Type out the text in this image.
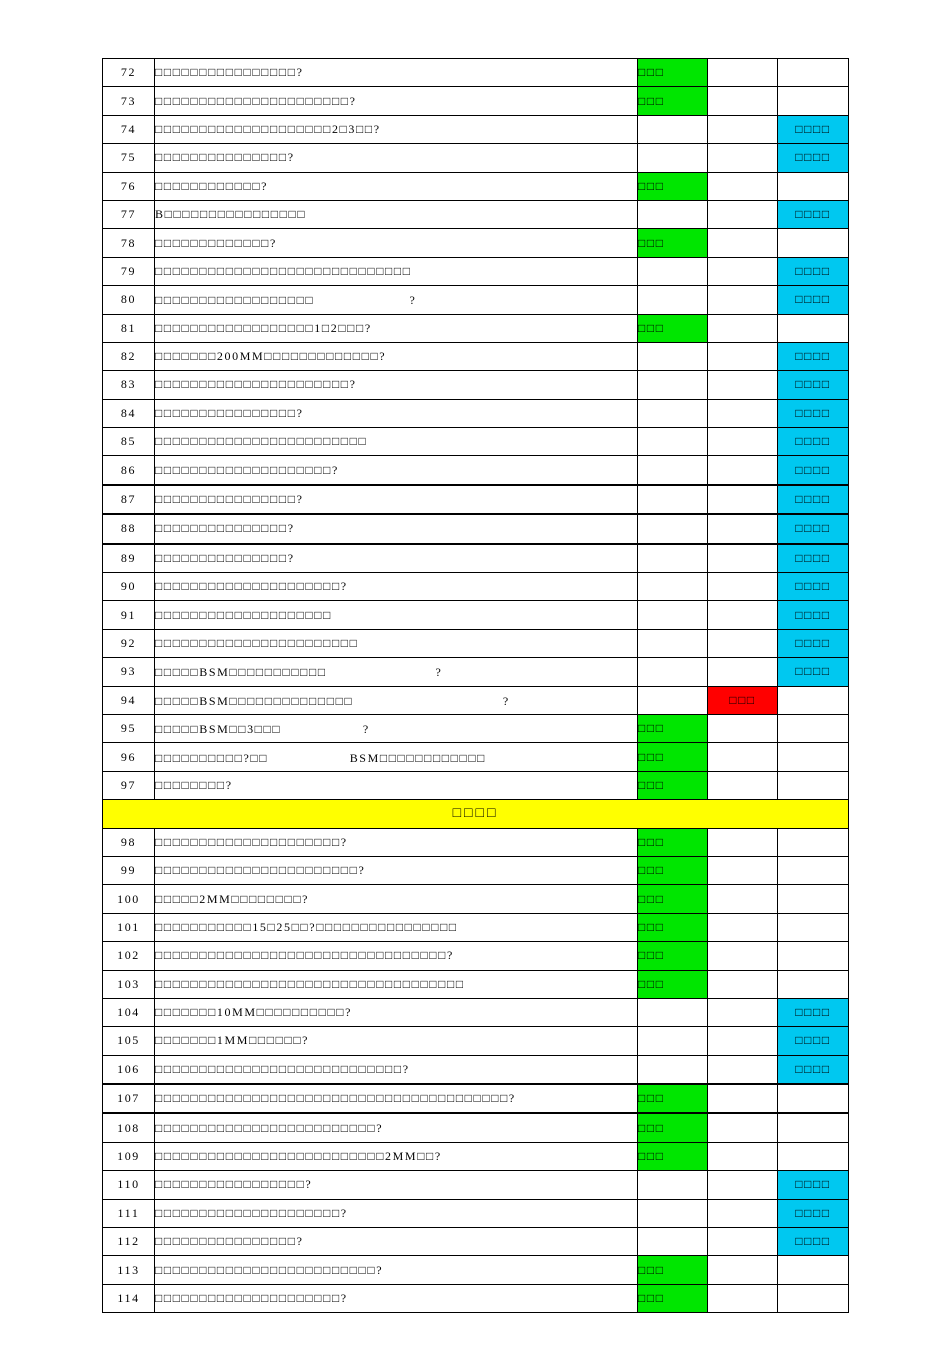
72	□□□□□□□□□□□□□□□□?	□□□		
73	□□□□□□□□□□□□□□□□□□□□□□?	□□□		
74	□□□□□□□□□□□□□□□□□□□□2□3□□?			□□□□
75	□□□□□□□□□□□□□□□?			□□□□
76	□□□□□□□□□□□□?	□□□		
77	B□□□□□□□□□□□□□□□□			□□□□
78	□□□□□□□□□□□□□?	□□□		
79	□□□□□□□□□□□□□□□□□□□□□□□□□□□□□			□□□□
80	□□□□□□□□□□□□□□□□□□　　　　　　　?			□□□□
81	□□□□□□□□□□□□□□□□□□1□2□□□?	□□□		
82	□□□□□□□200MM□□□□□□□□□□□□□?			□□□□
83	□□□□□□□□□□□□□□□□□□□□□□?			□□□□
84	□□□□□□□□□□□□□□□□?			□□□□
85	□□□□□□□□□□□□□□□□□□□□□□□□			□□□□
86	□□□□□□□□□□□□□□□□□□□□?			□□□□
87	□□□□□□□□□□□□□□□□?			□□□□
88	□□□□□□□□□□□□□□□?			□□□□
89	□□□□□□□□□□□□□□□?			□□□□
90	□□□□□□□□□□□□□□□□□□□□□?			□□□□
91	□□□□□□□□□□□□□□□□□□□□			□□□□
92	□□□□□□□□□□□□□□□□□□□□□□□			□□□□
93	□□□□□BSM□□□□□□□□□□□　　　　　　　　?			□□□□
94	□□□□□BSM□□□□□□□□□□□□□□　　　　　　　　　　　?		□□□	
95	□□□□□BSM□□3□□□　　　　　　?	□□□		
96	□□□□□□□□□□?□□　　　　　　BSM□□□□□□□□□□□□	□□□		
97	□□□□□□□□?	□□□		
□□□□				
98	□□□□□□□□□□□□□□□□□□□□□?	□□□		
99	□□□□□□□□□□□□□□□□□□□□□□□?	□□□		
100	□□□□□2MM□□□□□□□□?	□□□		
101	□□□□□□□□□□□15□25□□?□□□□□□□□□□□□□□□□	□□□		
102	□□□□□□□□□□□□□□□□□□□□□□□□□□□□□□□□□?	□□□		
103	□□□□□□□□□□□□□□□□□□□□□□□□□□□□□□□□□□□	□□□		
104	□□□□□□□10MM□□□□□□□□□□?			□□□□
105	□□□□□□□1MM□□□□□□?			□□□□
106	□□□□□□□□□□□□□□□□□□□□□□□□□□□□?			□□□□
107	□□□□□□□□□□□□□□□□□□□□□□□□□□□□□□□□□□□□□□□□?	□□□		
108	□□□□□□□□□□□□□□□□□□□□□□□□□?	□□□		
109	□□□□□□□□□□□□□□□□□□□□□□□□□□2MM□□?	□□□		
110	□□□□□□□□□□□□□□□□□?			□□□□
111	□□□□□□□□□□□□□□□□□□□□□?			□□□□
112	□□□□□□□□□□□□□□□□?			□□□□
113	□□□□□□□□□□□□□□□□□□□□□□□□□?	□□□		
114	□□□□□□□□□□□□□□□□□□□□□?	□□□		
